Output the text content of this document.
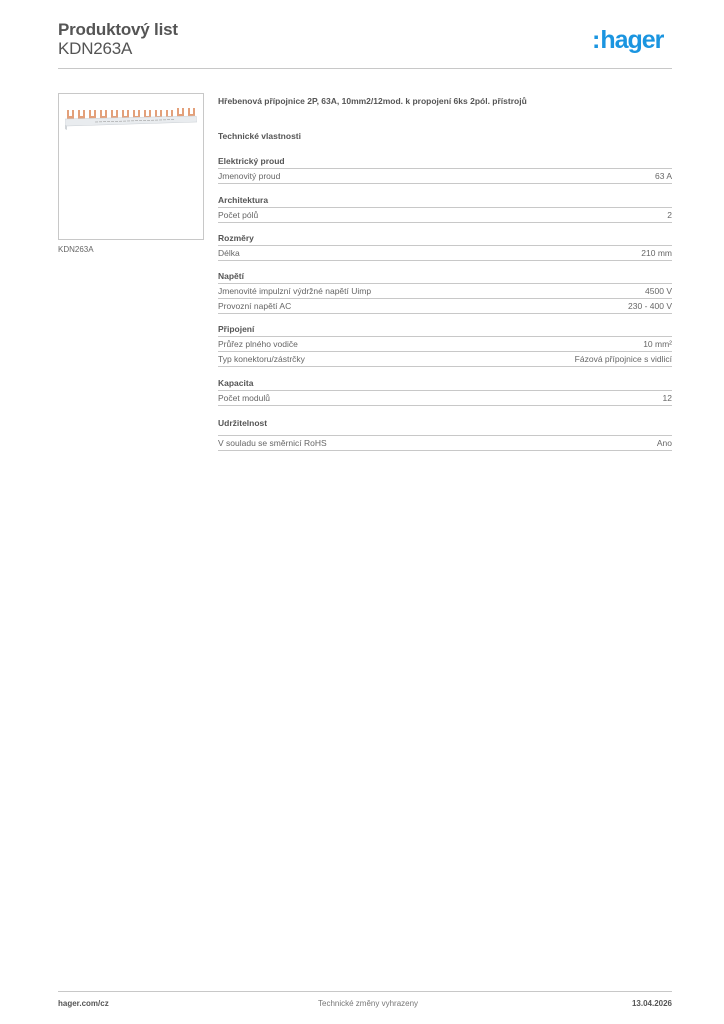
Produktový list
KDN263A	:hager
KDN263A
Hřebenová přípojnice 2P, 63A, 10mm2/12mod. k propojení 6ks 2pól. přístrojů
Technické vlastnosti
Elektrický proud
Jmenovitý proud	63 A
Architektura
Počet pólů	2
Rozměry
Délka	210 mm
Napětí
Jmenovité impulzní výdržné napětí Uimp	4500 V
Provozní napětí AC	230 - 400 V
Připojení
Průřez plného vodiče	10 mm²
Typ konektoru/zástrčky	Fázová přípojnice s vidlicí
Kapacita
Počet modulů	12
Udržitelnost
V souladu se směrnicí RoHS	Ano
hager.com/cz	Technické změny vyhrazeny	13.04.2026
